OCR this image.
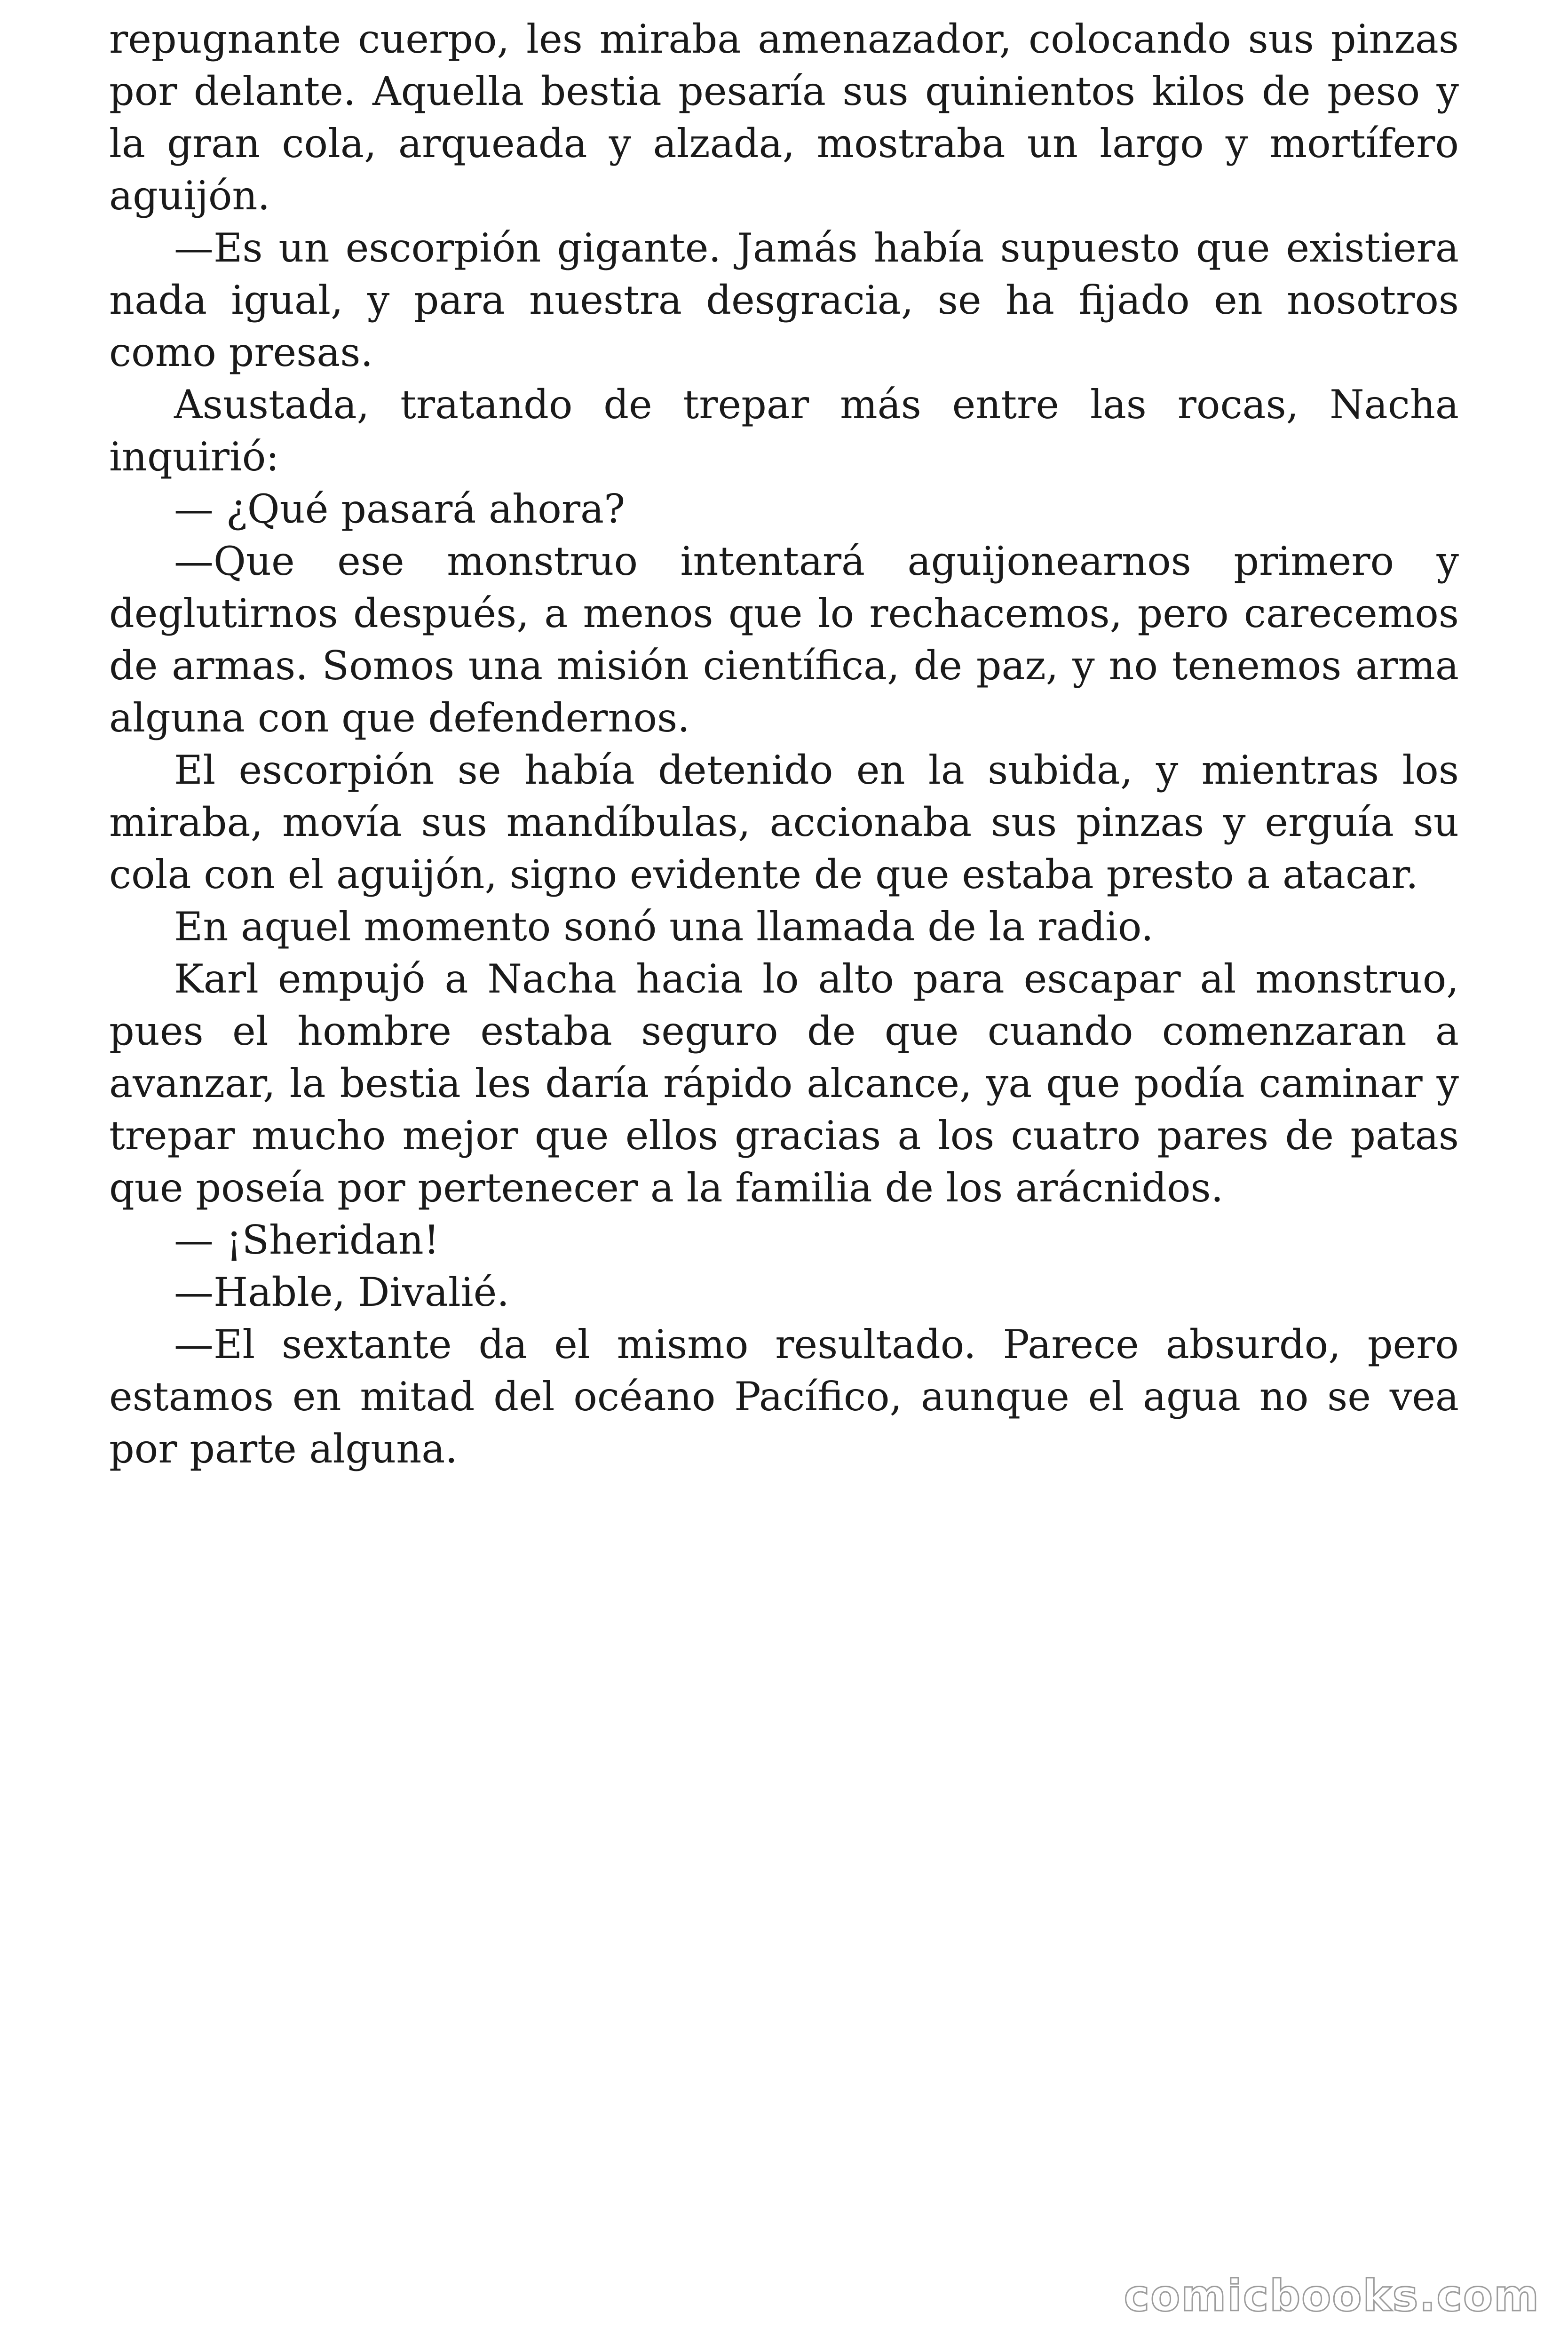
repugnante cuerpo, les miraba amenazador, colocando sus pinzas por delante. Aquella bestia pesaría sus quinientos kilos de peso y la gran cola, arqueada y alzada, mostraba un largo y mortífero aguijón.

—Es un escorpión gigante. Jamás había supuesto que existiera nada igual, y para nuestra desgracia, se ha fijado en nosotros como presas.

Asustada, tratando de trepar más entre las rocas, Nacha inquirió:

— ¿Qué pasará ahora?

—Que ese monstruo intentará aguijonearnos primero y deglutirnos después, a menos que lo rechacemos, pero carecemos de armas. Somos una misión científica, de paz, y no tenemos arma alguna con que defendernos.

El escorpión se había detenido en la subida, y mientras los miraba, movía sus mandíbulas, accionaba sus pinzas y erguía su cola con el aguijón, signo evidente de que estaba presto a atacar.

En aquel momento sonó una llamada de la radio.

Karl empujó a Nacha hacia lo alto para escapar al monstruo, pues el hombre estaba seguro de que cuando comenzaran a avanzar, la bestia les daría rápido alcance, ya que podía caminar y trepar mucho mejor que ellos gracias a los cuatro pares de patas que poseía por pertenecer a la familia de los arácnidos.

— ¡Sheridan!

—Hable, Divalié.

—El sextante da el mismo resultado. Parece absurdo, pero estamos en mitad del océano Pacífico, aunque el agua no se vea por parte alguna.

comicbooks.com
